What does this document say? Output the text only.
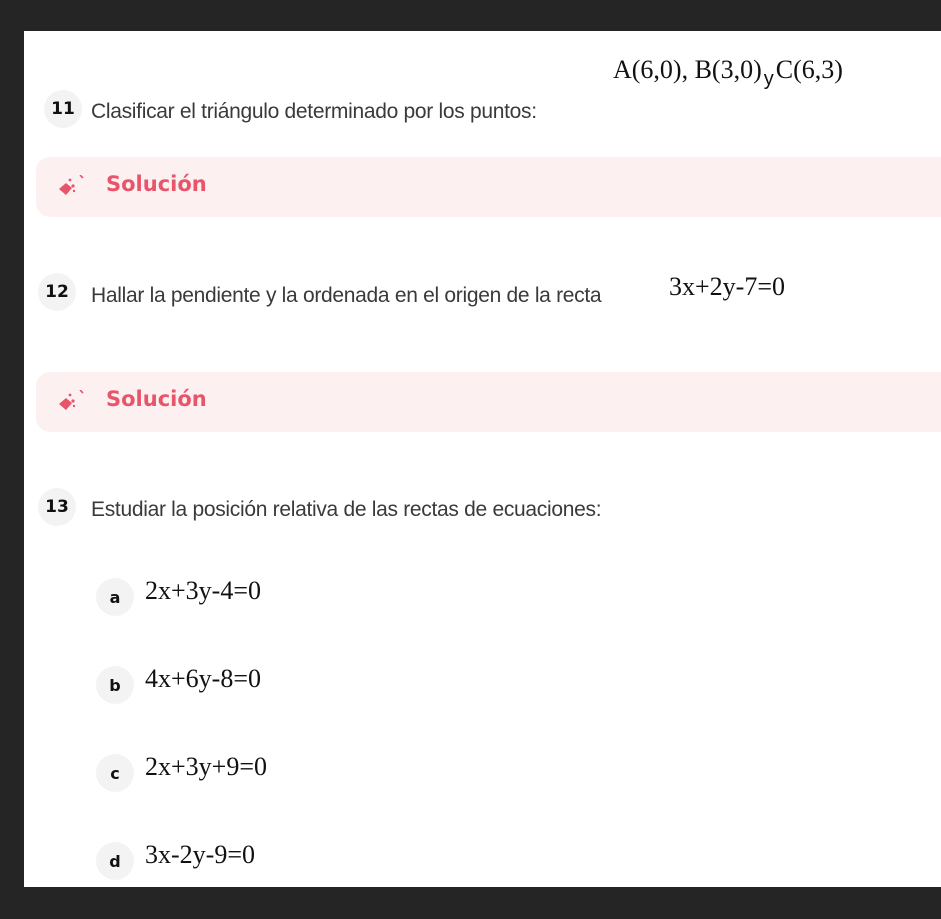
11 Clasificar el triángulo determinado por los puntos:
A(6,0), B(3,0) $_y$C(6,3)
Solución
12	Hallar la pendiente y la ordenada en el origen de la recta	3x+2y-7=0
Solución
13	Estudiar la posición relativa de las rectas de ecuaciones:
a 2x+3y-4=0
b 4x+6y-8=0
c 2x+3y+9=0
d 3x-2y-9=0
